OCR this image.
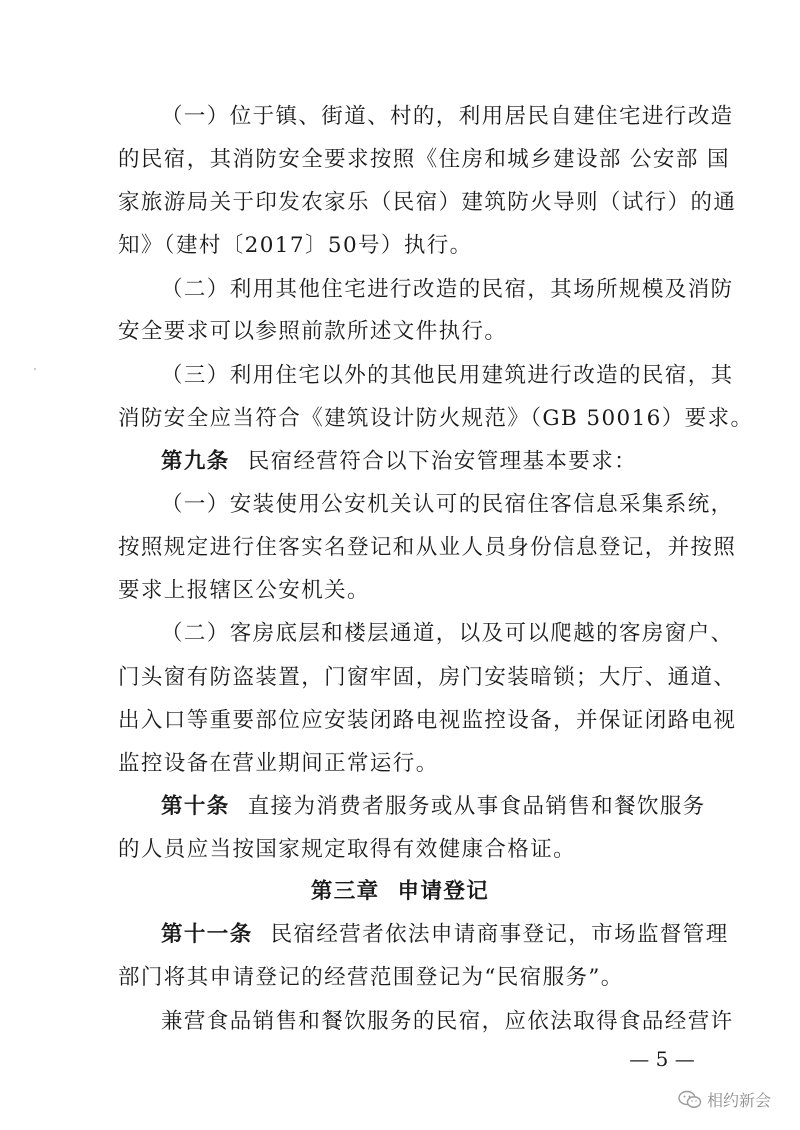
（一）位于镇、街道、村的，利用居民自建住宅进行改造
的民宿，其消防安全要求按照《住房和城乡建设部 公安部 国
家旅游局关于印发农家乐（民宿）建筑防火导则（试行）的通
知》（建村〔2017〕50号）执行。
（二）利用其他住宅进行改造的民宿，其场所规模及消防
安全要求可以参照前款所述文件执行。
（三）利用住宅以外的其他民用建筑进行改造的民宿，其
消防安全应当符合《建筑设计防火规范》（GB 50016）要求。
第九条 民宿经营符合以下治安管理基本要求：
（一）安装使用公安机关认可的民宿住客信息采集系统，
按照规定进行住客实名登记和从业人员身份信息登记，并按照
要求上报辖区公安机关。
（二）客房底层和楼层通道，以及可以爬越的客房窗户、
门头窗有防盗装置，门窗牢固，房门安装暗锁；大厅、通道、
出入口等重要部位应安装闭路电视监控设备，并保证闭路电视
监控设备在营业期间正常运行。
第十条 直接为消费者服务或从事食品销售和餐饮服务
的人员应当按国家规定取得有效健康合格证。
第三章 申请登记
第十一条 民宿经营者依法申请商事登记，市场监督管理
部门将其申请登记的经营范围登记为“民宿服务”。
兼营食品销售和餐饮服务的民宿，应依法取得食品经营许
— 5 —
相约新会
